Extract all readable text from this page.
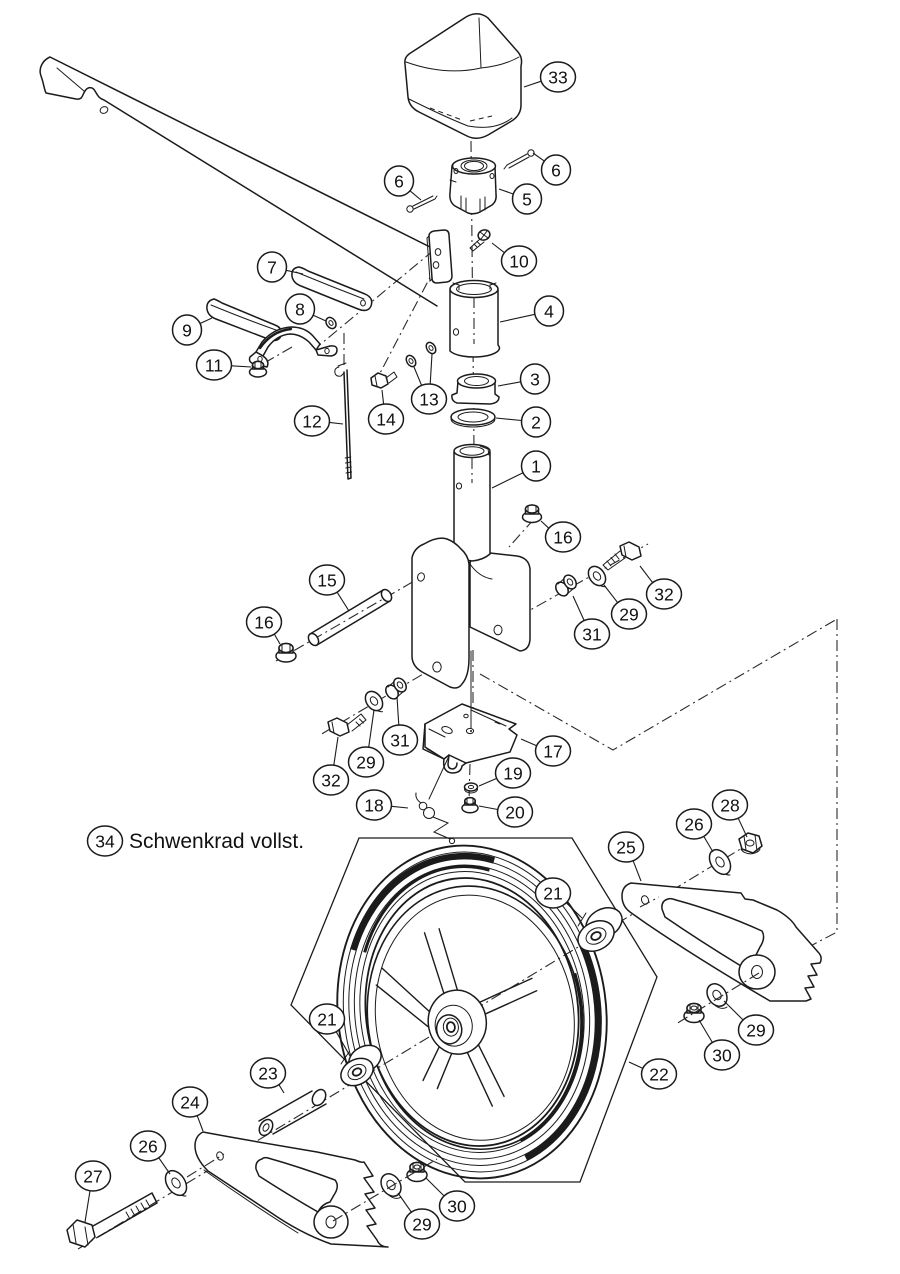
1
2
3
4
5
6
6
7
8
9
10
11
12
13
14
15
16
16
17
18
19
20
21
21
22
23
24
25
26
26
27
28
29
29
29
29
30
30
31
31
32
32
33
34 Schwenkrad vollst.
